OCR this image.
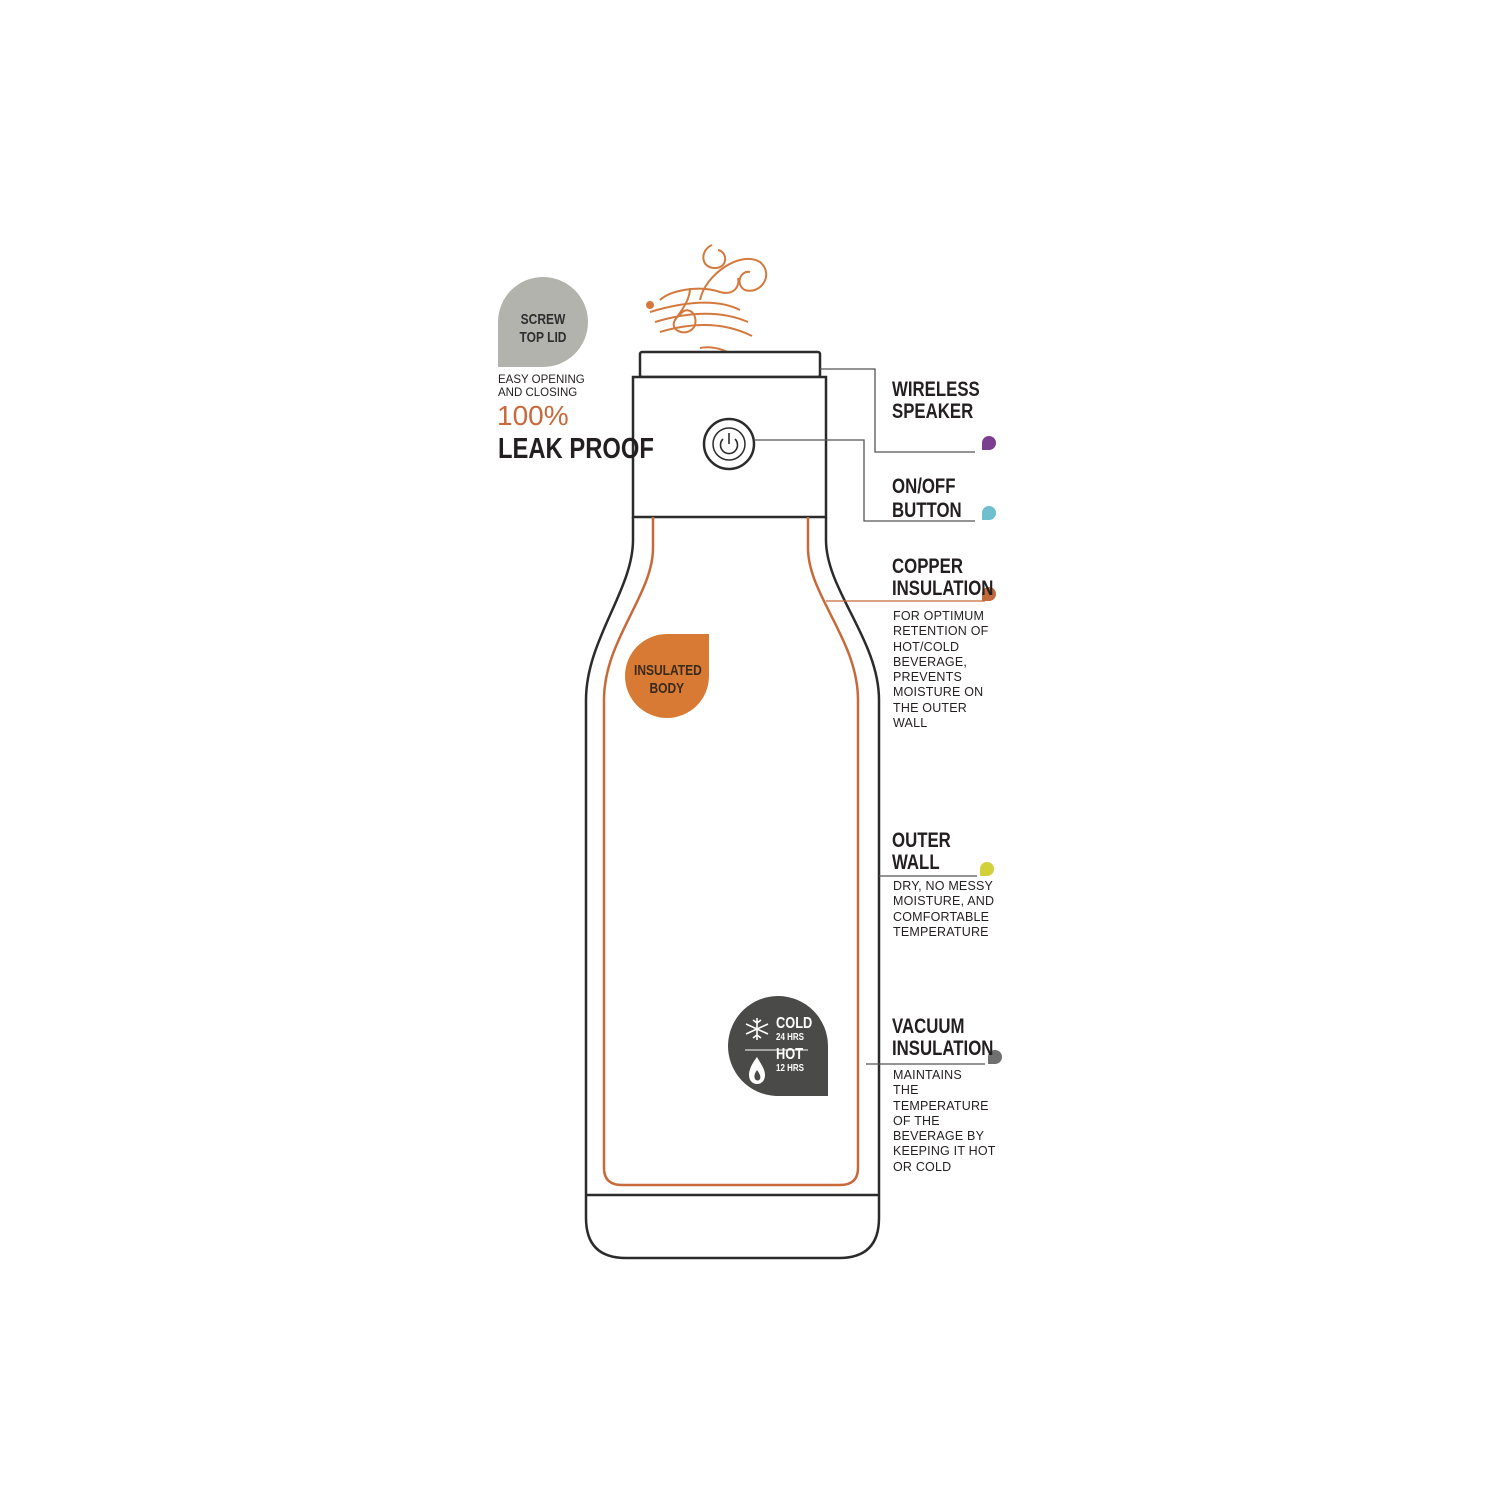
SCREW
TOP LID
EASY OPENING
AND CLOSING
100%
LEAK PROOF
INSULATED
BODY
COLD
24 HRS
HOT
12 HRS
WIRELESS
SPEAKER
ON/OFF
BUTTON
COPPER
INSULATION
FOR OPTIMUM
RETENTION OF
HOT/COLD
BEVERAGE,
PREVENTS
MOISTURE ON
THE OUTER
WALL
OUTER
WALL
DRY, NO MESSY
MOISTURE, AND
COMFORTABLE
TEMPERATURE
VACUUM
INSULATION
MAINTAINS
THE
TEMPERATURE
OF THE
BEVERAGE BY
KEEPING IT HOT
OR COLD
